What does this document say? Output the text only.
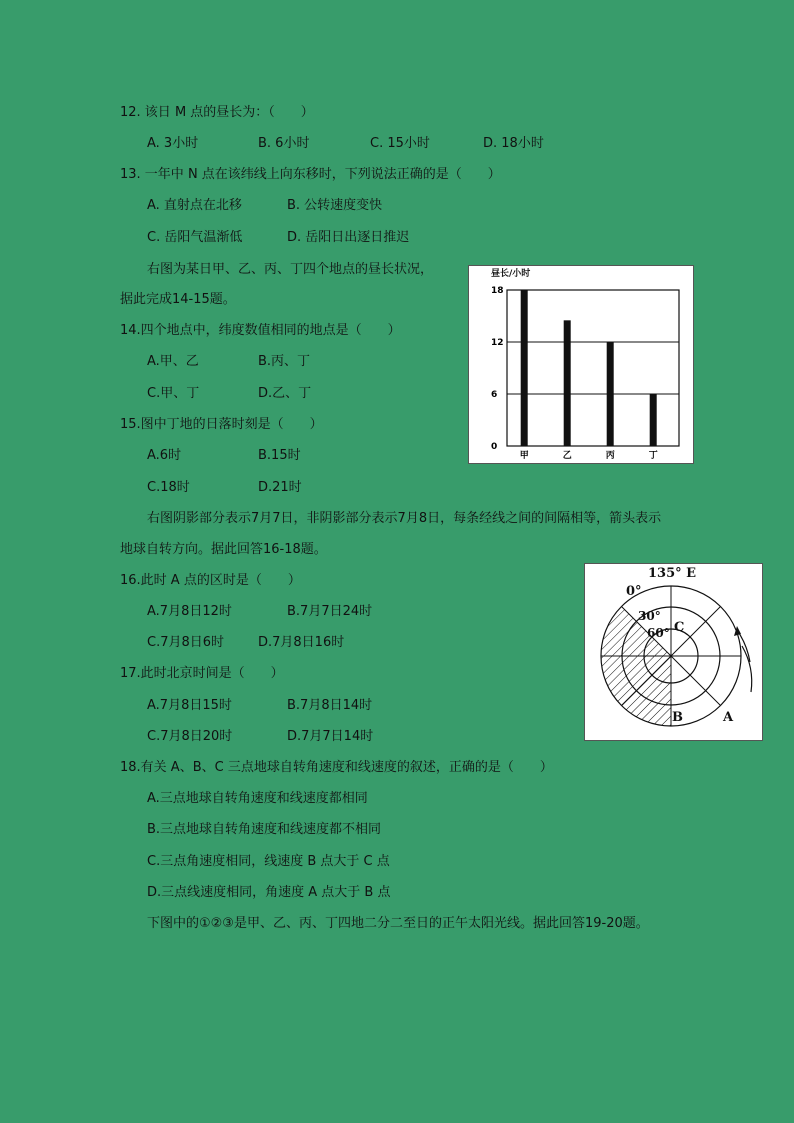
12. 该日 M 点的昼长为：（　　）
A. 3小时	B. 6小时	C. 15小时	D. 18小时
13. 一年中 N 点在该纬线上向东移时，下列说法正确的是（　　）
A. 直射点在北移	B. 公转速度变快
C. 岳阳气温渐低	D. 岳阳日出逐日推迟
右图为某日甲、乙、丙、丁四个地点的昼长状况，
据此完成14-15题。
14.四个地点中，纬度数值相同的地点是（　　）
A.甲、乙	B.丙、丁
C.甲、丁	D.乙、丁
15.图中丁地的日落时刻是（　　）
A.6时	B.15时
C.18时	D.21时
右图阴影部分表示7月7日，非阴影部分表示7月8日，每条经线之间的间隔相等，箭头表示
地球自转方向。据此回答16-18题。
16.此时 A 点的区时是（　　）
A.7月8日12时	B.7月7日24时
C.7月8日6时	D.7月8日16时
17.此时北京时间是（　　）
A.7月8日15时	B.7月8日14时
C.7月8日20时	D.7月7日14时
18.有关 A、B、C 三点地球自转角速度和线速度的叙述，正确的是（　　）
A.三点地球自转角速度和线速度都相同
B.三点地球自转角速度和线速度都不相同
C.三点角速度相同，线速度 B 点大于 C 点
D.三点线速度相同，角速度 A 点大于 B 点
下图中的①②③是甲、乙、丙、丁四地二分二至日的正午太阳光线。据此回答19-20题。
昼长/小时
0
6
12
18
甲	乙	丙	丁
135° E
0°
30°
60° C
B	A
